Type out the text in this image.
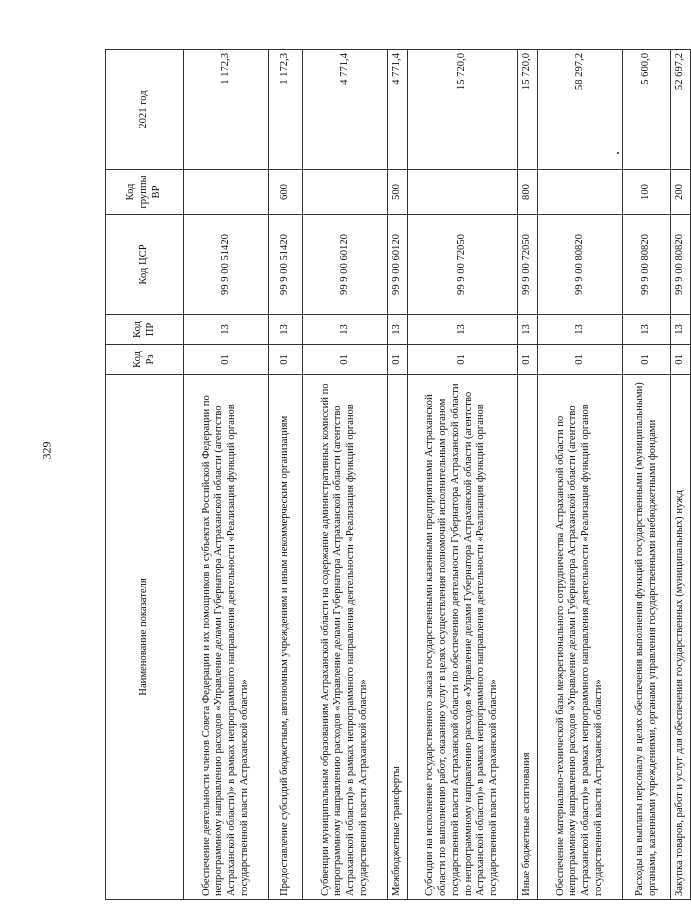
329
Наименование показателя	Код Рз	Код ПР	Код ЦСР	Код группы ВР	2021 год
Обеспечение деятельности членов Совета Федерации и их помощников в субъектах Российской Федерации по непрограммному направлению расходов «Управление делами Губернатора Астраханской области (агентство Астраханской области)» в рамках непрограммного направления деятельности «Реализация функций органов государственной власти Астраханской области»	01	13	99 9 00 51420		1 172,3
Предоставление субсидий бюджетным, автономным учреждениям и иным некоммерческим организациям	01	13	99 9 00 51420	600	1 172,3
Субвенции муниципальным образованиям Астраханской области на содержание административных комиссий по непрограммному направлению расходов «Управление делами Губернатора Астраханской области (агентство Астраханской области)» в рамках непрограммного направления деятельности «Реализация функций органов государственной власти Астраханской области»	01	13	99 9 00 60120		4 771,4
Межбюджетные трансферты	01	13	99 9 00 60120	500	4 771,4
Субсидии на исполнение государственного заказа государственными казенными предприятиями Астраханской области по выполнению работ, оказанию услуг в целях осуществления полномочий исполнительным органом государственной власти Астраханской области по обеспечению деятельности Губернатора Астраханской области по непрограммному направлению расходов «Управление делами Губернатора Астраханской области (агентство Астраханской области)» в рамках непрограммного направления деятельности «Реализация функций органов государственной власти Астраханской области»	01	13	99 9 00 72050		15 720,0
Иные бюджетные ассигнования	01	13	99 9 00 72050	800	15 720,0
Обеспечение материально-технической базы межрегионального сотрудничества Астраханской области по непрограммному направлению расходов «Управление делами Губернатора Астраханской области (агентство Астраханской области)» в рамках непрограммного направления деятельности «Реализация функций органов государственной власти Астраханской области»	01	13	99 9 00 80820		58 297,2
Расходы на выплаты персоналу в целях обеспечения выполнения функций государственными (муниципальными) органами, казенными учреждениями, органами управления государственными внебюджетными фондами	01	13	99 9 00 80820	100	5 600,0
Закупка товаров, работ и услуг для обеспечения государственных (муниципальных) нужд	01	13	99 9 00 80820	200	52 697,2
